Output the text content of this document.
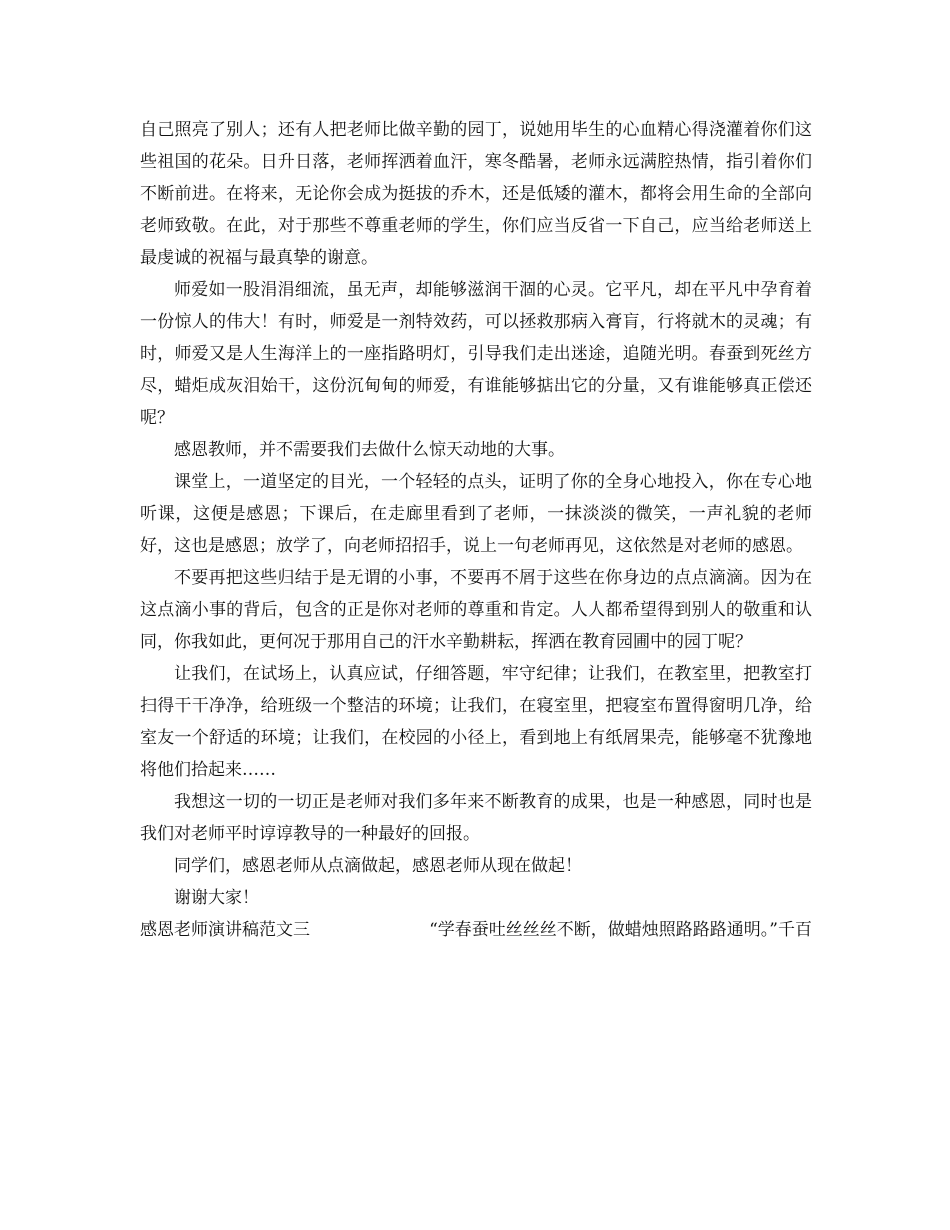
自己照亮了别人；还有人把老师比做辛勤的园丁，说她用毕生的心血精心得浇灌着你们这些祖国的花朵。日升日落，老师挥洒着血汗，寒冬酷暑，老师永远满腔热情，指引着你们不断前进。在将来，无论你会成为挺拔的乔木，还是低矮的灌木，都将会用生命的全部向老师致敬。在此，对于那些不尊重老师的学生，你们应当反省一下自己，应当给老师送上最虔诚的祝福与最真挚的谢意。

师爱如一股涓涓细流，虽无声，却能够滋润干涸的心灵。它平凡，却在平凡中孕育着一份惊人的伟大！有时，师爱是一剂特效药，可以拯救那病入膏肓，行将就木的灵魂；有时，师爱又是人生海洋上的一座指路明灯，引导我们走出迷途，追随光明。春蚕到死丝方尽，蜡炬成灰泪始干，这份沉甸甸的师爱，有谁能够掂出它的分量，又有谁能够真正偿还呢？

感恩教师，并不需要我们去做什么惊天动地的大事。

课堂上，一道坚定的目光，一个轻轻的点头，证明了你的全身心地投入，你在专心地听课，这便是感恩；下课后，在走廊里看到了老师，一抹淡淡的微笑，一声礼貌的老师好，这也是感恩；放学了，向老师招招手，说上一句老师再见，这依然是对老师的感恩。

不要再把这些归结于是无谓的小事，不要再不屑于这些在你身边的点点滴滴。因为在这点滴小事的背后，包含的正是你对老师的尊重和肯定。人人都希望得到别人的敬重和认同，你我如此，更何况于那用自己的汗水辛勤耕耘，挥洒在教育园圃中的园丁呢？

让我们，在试场上，认真应试，仔细答题，牢守纪律；让我们，在教室里，把教室打扫得干干净净，给班级一个整洁的环境；让我们，在寝室里，把寝室布置得窗明几净，给室友一个舒适的环境；让我们，在校园的小径上，看到地上有纸屑果壳，能够毫不犹豫地将他们拾起来……

我想这一切的一切正是老师对我们多年来不断教育的成果，也是一种感恩，同时也是我们对老师平时谆谆教导的一种最好的回报。

同学们，感恩老师从点滴做起，感恩老师从现在做起！

谢谢大家！

感恩老师演讲稿范文三	“学春蚕吐丝丝丝不断，做蜡烛照路路路通明。”千百
